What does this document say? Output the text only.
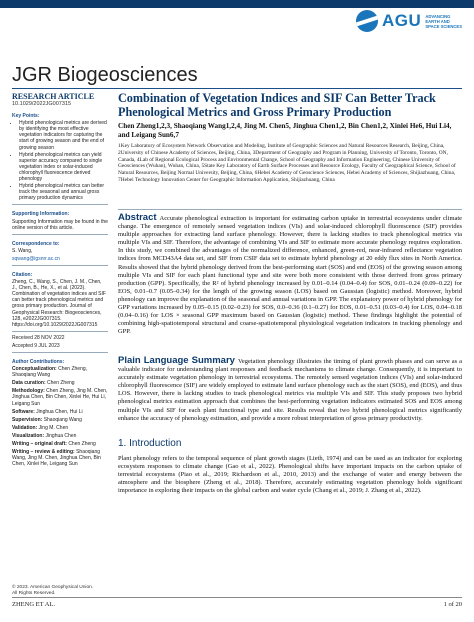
AGU ADVANCING
EARTH AND
SPACE SCIENCES
JGR Biogeosciences
RESEARCH ARTICLE
10.1029/2022JG007315
Key Points:
• Hybrid phenological metrics are derived by identifying the most effective vegetation indicators for capturing the start of growing season and the end of growing season
• Hybrid phenological metrics can yield superior accuracy compared to single vegetation index or solar-induced chlorophyll fluorescence derived phenology
• Hybrid phenological metrics can better track the seasonal and annual gross primary production dynamics
Supporting Information:

Supporting Information may be found in the online version of this article.

Correspondence to:

S. Wang,

sqwang@igsnrr.ac.cn

Citation:

Zheng, C., Wang, S., Chen, J. M., Chen, J., Chen, B., He, X., et al. (2023). Combination of vegetation indices and SIF can better track phenological metrics and gross primary production. Journal of Geophysical Research: Biogeosciences, 128, e2022JG007315. https://doi.org/10.1029/2022JG007315

Received 28 NOV 2022

Accepted 9 JUL 2023

Author Contributions:

Conceptualization: Chen Zheng, Shaoqiang Wang

Data curation: Chen Zheng

Methodology: Chen Zheng, Jing M. Chen, Jinghua Chen, Bin Chen, Xinlei He, Hui Li, Leigang Sun

Software: Jinghua Chen, Hui Li

Supervision: Shaoqiang Wang

Validation: Jing M. Chen

Visualization: Jinghua Chen

Writing – original draft: Chen Zheng

Writing – review & editing: Shaoqiang Wang, Jing M. Chen, Jinghua Chen, Bin Chen, Xinlei He, Leigang Sun

© 2023. American Geophysical Union.
All Rights Reserved.
Combination of Vegetation Indices and SIF Can Better Track Phenological Metrics and Gross Primary Production
Chen Zheng1,2,3, Shaoqiang Wang1,2,4, Jing M. Chen5, Jinghua Chen1,2, Bin Chen1,2, Xinlei He6, Hui Li4, and Leigang Sun6,7
1Key Laboratory of Ecosystem Network Observation and Modeling, Institute of Geographic Sciences and Natural Resources Research, Beijing, China, 2University of Chinese Academy of Sciences, Beijing, China, 3Department of Geography and Program in Planning, University of Toronto, Toronto, ON, Canada, 4Lab of Regional Ecological Process and Environmental Change, School of Geography and Information Engineering, Chinese University of Geosciences (Wuhan), Wuhan, China, 5State Key Laboratory of Earth Surface Processes and Resource Ecology, Faculty of Geographical Science, School of Natural Resources, Beijing Normal University, Beijing, China, 6Hebei Academy of Geoscience Sciences, Hebei Academy of Sciences, Shijiazhuang, China, 7Hebei Technology Innovation Center for Geographic Information Application, Shijiazhuang, China
Abstract Accurate phenological extraction is important for estimating carbon uptake in terrestrial ecosystems under climate change. The emergence of remotely sensed vegetation indices (VIs) and solar-induced chlorophyll fluorescence (SIF) provides multiple approaches for extracting land surface phenology. However, there is lacking studies to track phenological metrics via multiple VIs and SIF. Therefore, the advantage of combining VIs and SIF to estimate more accurate phenology requires exploration. In this study, we combined the advantages of the normalized difference, enhanced, green-red, near-infrared reflectance vegetation indices from MCD43A4 data set, and SIF from CSIF data set to estimate hybrid phenology at 20 eddy flux sites in North America. Results showed that the hybrid phenology derived from the best-performing start (SOS) and end (EOS) of the growing season among multiple VIs and SIF for each plant functional type and site were both more consistent with those derived from gross primary production (GPP). Specifically, the R² of hybrid phenology increased by 0.01–0.14 (0.04–0.4) for SOS, 0.01–0.24 (0.09–0.22) for EOS, 0.01–0.7 (0.05–0.34) for the length of the growing season (LOS) based on Gaussian (logistic) method. Moreover, hybrid phenology can improve the explanation of the seasonal and annual variations in GPP. The explanatory power of hybrid phenology for GPP variations increased by 0.05–0.15 (0.02–0.23) for SOS, 0.0–0.36 (0.1–0.27) for EOS, 0.01–0.51 (0.03–0.4) for LOS, 0.04–0.18 (0.04–0.16) for LOS × seasonal GPP maximum based on Gaussian (logistic) method. These findings highlight the potential of combining high-spatiotemporal structural and coarse-spatiotemporal physiological vegetation indicators in tracking phenology and GPP.
Plain Language Summary Vegetation phenology illustrates the timing of plant growth phases and can serve as a valuable indicator for understanding plant responses and feedback mechanisms to climate change. Consequently, it is important to accurately estimate vegetation phenology in terrestrial ecosystems. The remotely sensed vegetation indices (VIs) and solar-induced chlorophyll fluorescence (SIF) are widely employed to estimate land surface phenology such as the start (SOS), end (EOS), and thus LOS. However, there is lacking studies to track phenological metrics via multiple VIs and SIF. This study proposes two hybrid phenological metrics estimation approach that combines the best-performing vegetation indicators estimated SOS and EOS among multiple VIs and SIF for each plant functional type and site. Results reveal that two hybrid phenological metrics significantly enhance the accuracy of phenology estimation, and provide a more robust interpretation of gross primary productivity.
1. Introduction
Plant phenology refers to the temporal sequence of plant growth stages (Lieth, 1974) and can be used as an indicator for exploring ecosystem responses to climate change (Gao et al., 2022). Phenological shifts have important impacts on the carbon uptake of terrestrial ecosystems (Piao et al., 2019; Richardson et al., 2010, 2013) and the exchange of water and energy between the atmosphere and the biosphere (Zheng et al., 2018). Therefore, accurately estimating vegetation phenology holds significant importance in exploring their impacts on the global carbon and water cycle (Chang et al., 2019; J. Zhang et al., 2022).
ZHENG ET AL.	1 of 20
